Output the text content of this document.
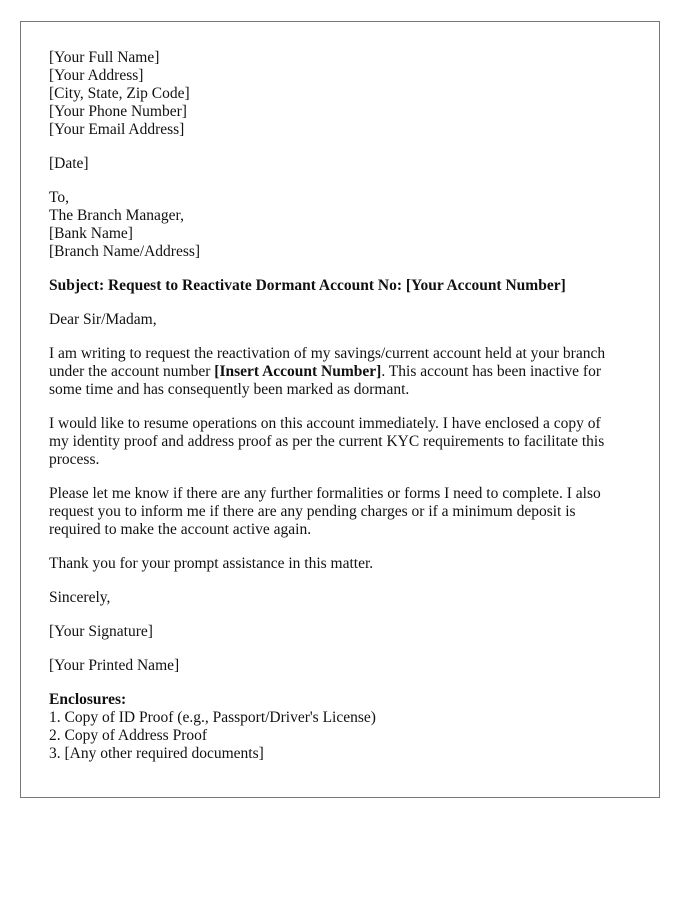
[Your Full Name]
[Your Address]
[City, State, Zip Code]
[Your Phone Number]
[Your Email Address]
[Date]
To,
The Branch Manager,
[Bank Name]
[Branch Name/Address]
Subject: Request to Reactivate Dormant Account No: [Your Account Number]
Dear Sir/Madam,
I am writing to request the reactivation of my savings/current account held at your branch
under the account number [Insert Account Number]. This account has been inactive for
some time and has consequently been marked as dormant.
I would like to resume operations on this account immediately. I have enclosed a copy of
my identity proof and address proof as per the current KYC requirements to facilitate this
process.
Please let me know if there are any further formalities or forms I need to complete. I also
request you to inform me if there are any pending charges or if a minimum deposit is
required to make the account active again.
Thank you for your prompt assistance in this matter.
Sincerely,
[Your Signature]
[Your Printed Name]
Enclosures:
1. Copy of ID Proof (e.g., Passport/Driver's License)
2. Copy of Address Proof
3. [Any other required documents]
